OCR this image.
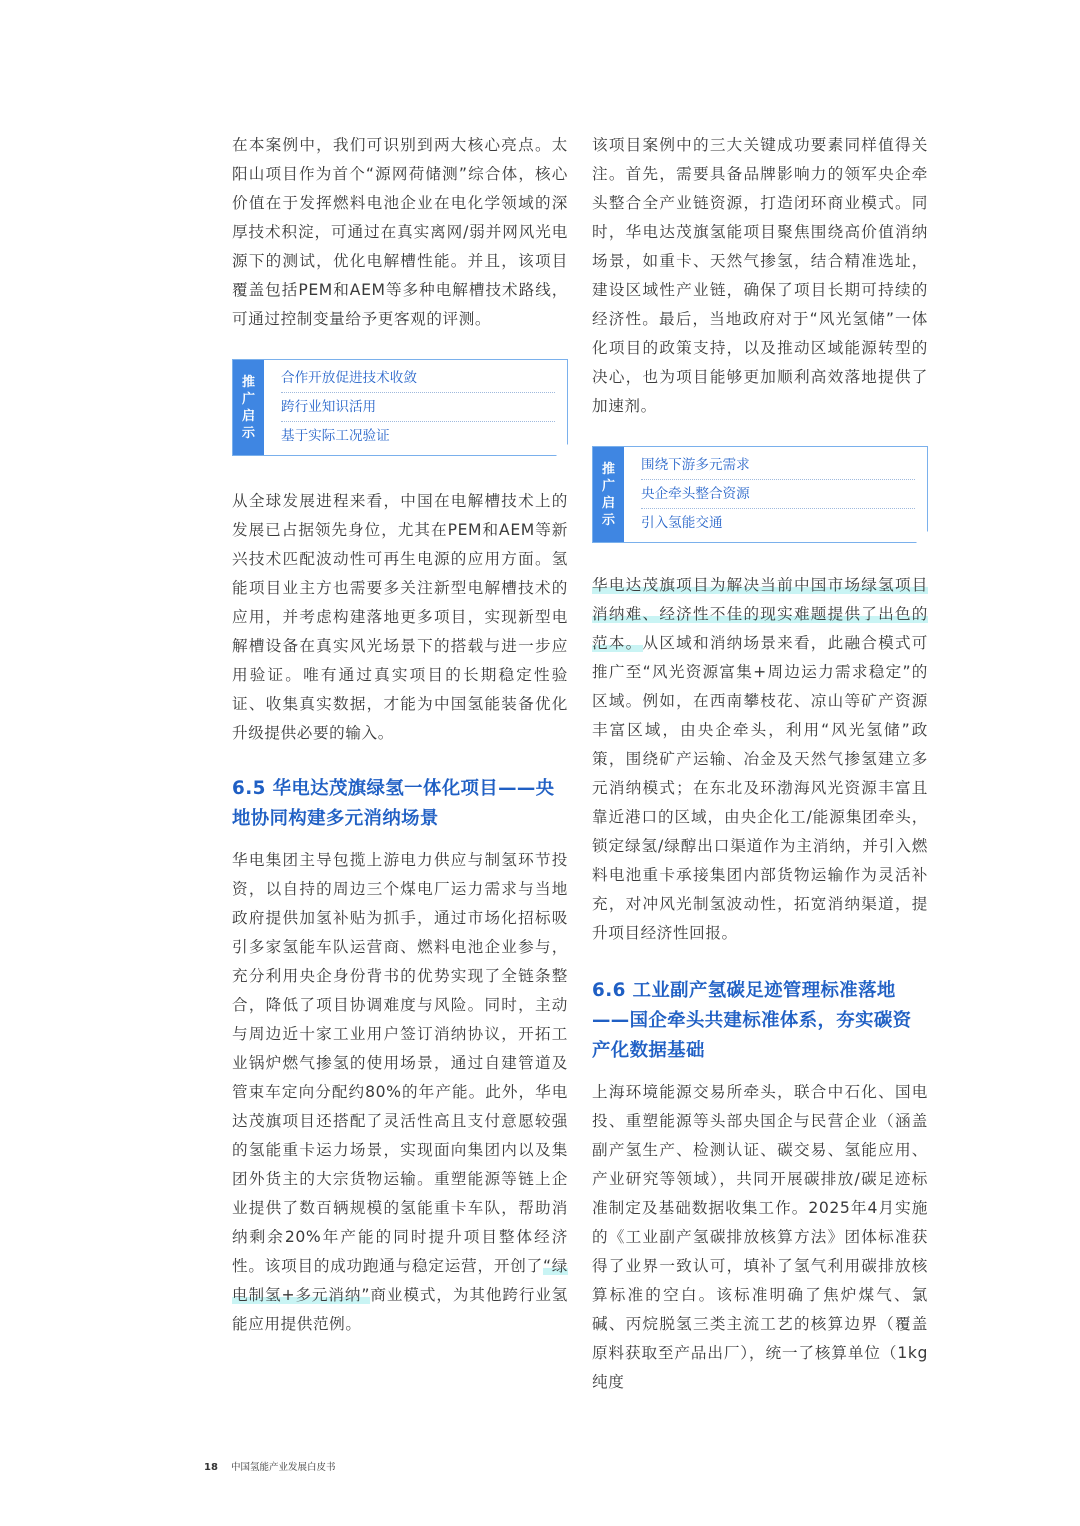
在本案例中，我们可识别到两大核心亮点。太阳山项目作为首个“源网荷储测”综合体，核心价值在于发挥燃料电池企业在电化学领域的深厚技术积淀，可通过在真实离网/弱并网风光电源下的测试，优化电解槽性能。并且，该项目覆盖包括PEM和AEM等多种电解槽技术路线，可通过控制变量给予更客观的评测。

推
广
启
示
合作开放促进技术收敛
跨行业知识活用
基于实际工况验证

从全球发展进程来看，中国在电解槽技术上的发展已占据领先身位，尤其在PEM和AEM等新兴技术匹配波动性可再生电源的应用方面。氢能项目业主方也需要多关注新型电解槽技术的应用，并考虑构建落地更多项目，实现新型电解槽设备在真实风光场景下的搭载与进一步应用验证。唯有通过真实项目的长期稳定性验证、收集真实数据，才能为中国氢能装备优化升级提供必要的输入。

6.5 华电达茂旗绿氢一体化项目——央地协同构建多元消纳场景

华电集团主导包揽上游电力供应与制氢环节投资，以自持的周边三个煤电厂运力需求与当地政府提供加氢补贴为抓手，通过市场化招标吸引多家氢能车队运营商、燃料电池企业参与，充分利用央企身份背书的优势实现了全链条整合，降低了项目协调难度与风险。同时，主动与周边近十家工业用户签订消纳协议，开拓工业锅炉燃气掺氢的使用场景，通过自建管道及管束车定向分配约80%的年产能。此外，华电达茂旗项目还搭配了灵活性高且支付意愿较强的氢能重卡运力场景，实现面向集团内以及集团外货主的大宗货物运输。重塑能源等链上企业提供了数百辆规模的氢能重卡车队，帮助消纳剩余20%年产能的同时提升项目整体经济性。该项目的成功跑通与稳定运营，开创了“绿电制氢+多元消纳”商业模式，为其他跨行业氢能应用提供范例。

该项目案例中的三大关键成功要素同样值得关注。首先，需要具备品牌影响力的领军央企牵头整合全产业链资源，打造闭环商业模式。同时，华电达茂旗氢能项目聚焦围绕高价值消纳场景，如重卡、天然气掺氢，结合精准选址，建设区域性产业链，确保了项目长期可持续的经济性。最后，当地政府对于“风光氢储”一体化项目的政策支持，以及推动区域能源转型的决心，也为项目能够更加顺利高效落地提供了加速剂。

推
广
启
示
围绕下游多元需求
央企牵头整合资源
引入氢能交通

华电达茂旗项目为解决当前中国市场绿氢项目消纳难、经济性不佳的现实难题提供了出色的范本。从区域和消纳场景来看，此融合模式可推广至“风光资源富集+周边运力需求稳定”的区域。例如，在西南攀枝花、凉山等矿产资源丰富区域，由央企牵头，利用“风光氢储”政策，围绕矿产运输、冶金及天然气掺氢建立多元消纳模式；在东北及环渤海风光资源丰富且靠近港口的区域，由央企化工/能源集团牵头，锁定绿氢/绿醇出口渠道作为主消纳，并引入燃料电池重卡承接集团内部货物运输作为灵活补充，对冲风光制氢波动性，拓宽消纳渠道，提升项目经济性回报。

6.6 工业副产氢碳足迹管理标准落地——国企牵头共建标准体系，夯实碳资产化数据基础

上海环境能源交易所牵头，联合中石化、国电投、重塑能源等头部央国企与民营企业（涵盖副产氢生产、检测认证、碳交易、氢能应用、产业研究等领域），共同开展碳排放/碳足迹标准制定及基础数据收集工作。2025年4月实施的《工业副产氢碳排放核算方法》团体标准获得了业界一致认可，填补了氢气利用碳排放核算标准的空白。该标准明确了焦炉煤气、氯碱、丙烷脱氢三类主流工艺的核算边界（覆盖原料获取至产品出厂），统一了核算单位（1kg纯度

18 中国氢能产业发展白皮书
